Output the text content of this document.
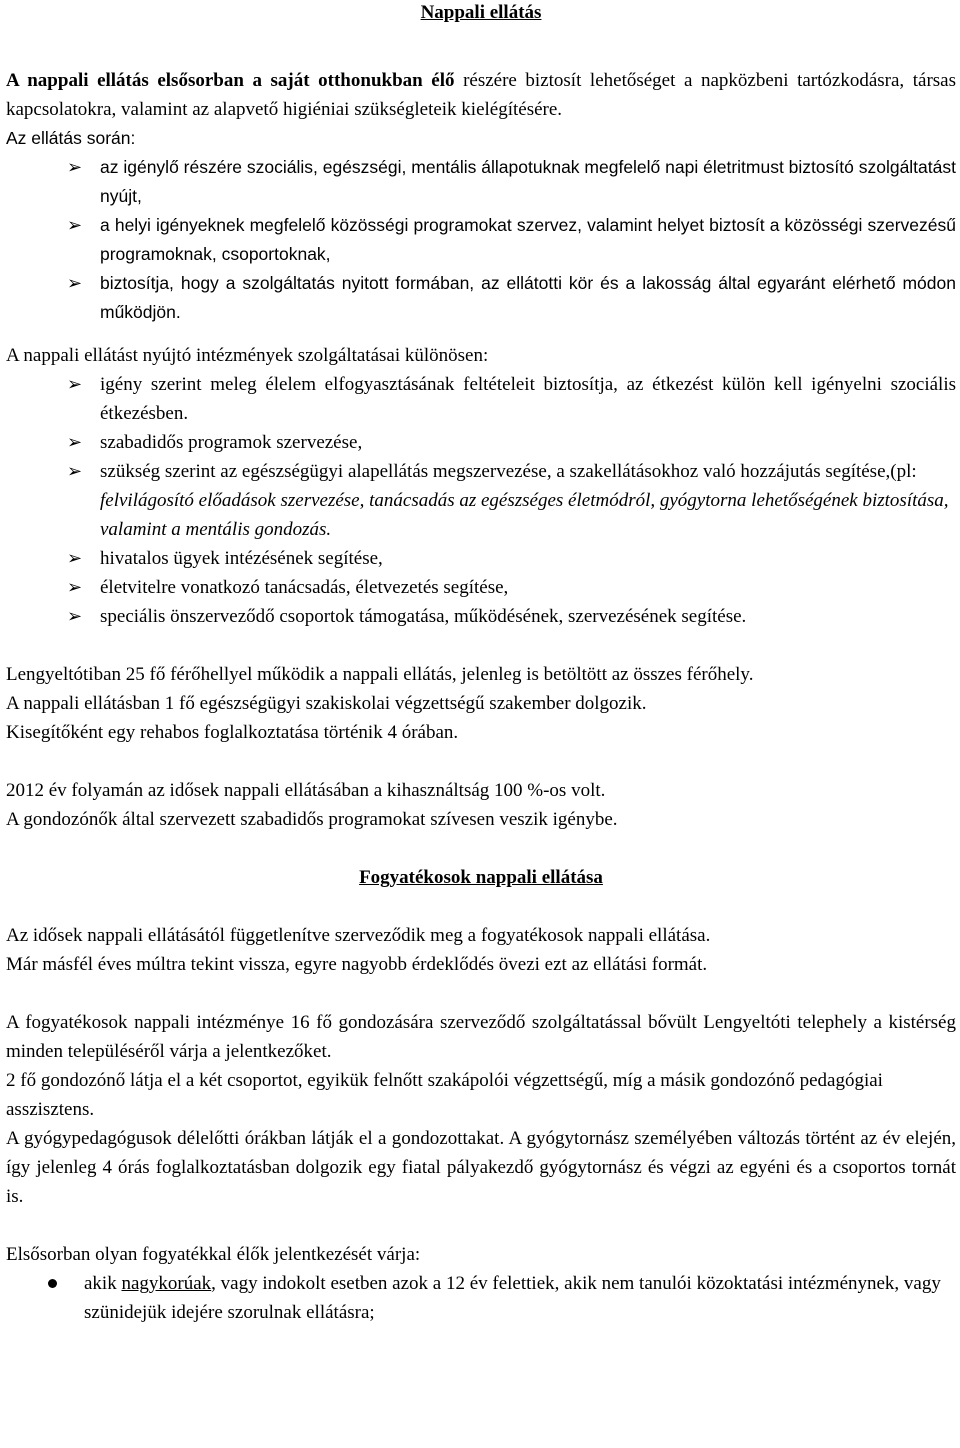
Nappali ellátás

A nappali ellátás elsősorban a saját otthonukban élő részére biztosít lehetőséget a napközbeni tartózkodásra, társas kapcsolatokra, valamint az alapvető higiéniai szükségleteik kielégítésére.

Az ellátás során:

➢ az igénylő részére szociális, egészségi, mentális állapotuknak megfelelő napi életritmust biztosító szolgáltatást nyújt,
➢ a helyi igényeknek megfelelő közösségi programokat szervez, valamint helyet biztosít a közösségi szervezésű programoknak, csoportoknak,
➢ biztosítja, hogy a szolgáltatás nyitott formában, az ellátotti kör és a lakosság által egyaránt elérhető módon működjön.

A nappali ellátást nyújtó intézmények szolgáltatásai különösen:

➢ igény szerint meleg élelem elfogyasztásának feltételeit biztosítja, az étkezést külön kell igényelni szociális étkezésben.
➢ szabadidős programok szervezése,
➢ szükség szerint az egészségügyi alapellátás megszervezése, a szakellátásokhoz való hozzájutás segítése,(pl: felvilágosító előadások szervezése, tanácsadás az egészséges életmódról, gyógytorna lehetőségének biztosítása, valamint a mentális gondozás.
➢ hivatalos ügyek intézésének segítése,
➢ életvitelre vonatkozó tanácsadás, életvezetés segítése,
➢ speciális önszerveződő csoportok támogatása, működésének, szervezésének segítése.

Lengyeltótiban 25 fő férőhellyel működik a nappali ellátás, jelenleg is betöltött az összes férőhely.

A nappali ellátásban 1 fő egészségügyi szakiskolai végzettségű szakember dolgozik.

Kisegítőként egy rehabos foglalkoztatása történik 4 órában.

2012 év folyamán az idősek nappali ellátásában a kihasználtság 100 %-os volt.

A gondozónők által szervezett szabadidős programokat szívesen veszik igénybe.

Fogyatékosok nappali ellátása

Az idősek nappali ellátásától függetlenítve szerveződik meg a fogyatékosok nappali ellátása.

Már másfél éves múltra tekint vissza, egyre nagyobb érdeklődés övezi ezt az ellátási formát.

A fogyatékosok nappali intézménye 16 fő gondozására szerveződő szolgáltatással bővült Lengyeltóti telephely a kistérség minden településéről várja a jelentkezőket.

2 fő gondozónő látja el a két csoportot, egyikük felnőtt szakápolói végzettségű, míg a másik gondozónő pedagógiai asszisztens.

A gyógypedagógusok délelőtti órákban látják el a gondozottakat. A gyógytornász személyében változás történt az év elején, így jelenleg 4 órás foglalkoztatásban dolgozik egy fiatal pályakezdő gyógytornász és végzi az egyéni és a csoportos tornát is.

Elsősorban olyan fogyatékkal élők jelentkezését várja:

akik nagykorúak, vagy indokolt esetben azok a 12 év felettiek, akik nem tanulói közoktatási intézménynek, vagy szünidejük idejére szorulnak ellátásra;
